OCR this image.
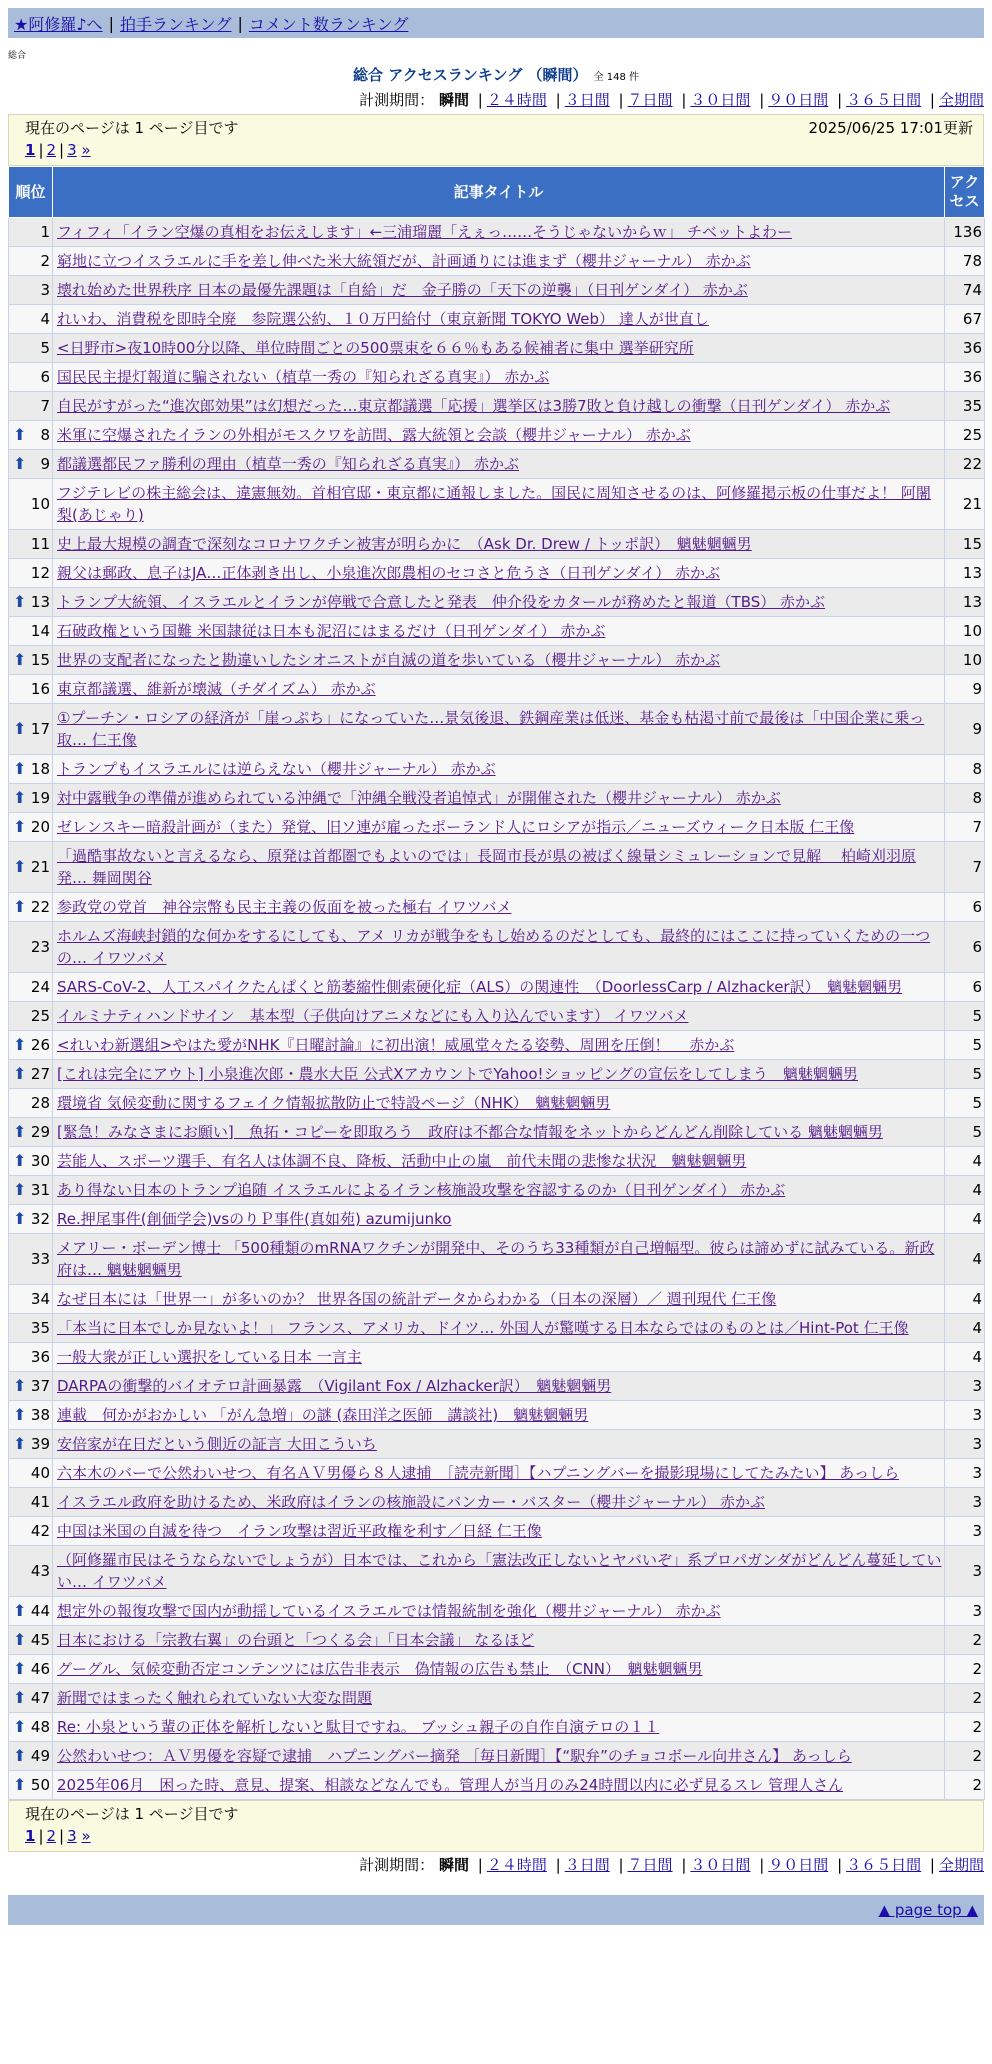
★阿修羅♪へ | 拍手ランキング | コメント数ランキング
総合
総合 アクセスランキング （瞬間） 全 148 件
計測期間： 瞬間 | ２４時間 | ３日間 | ７日間 | ３０日間 | ９０日間 | ３６５日間 | 全期間
現在のページは 1 ページ目です	2025/06/25 17:01更新
1 | 2 | 3 »
順位	記事タイトル	アクセス
1	フィフィ「イラン空爆の真相をお伝えします」←三浦瑠麗「えぇっ……そうじゃないからｗ」 チベットよわー	136
2	窮地に立つイスラエルに手を差し伸べた米大統領だが、計画通りには進まず（櫻井ジャーナル） 赤かぶ	78
3	壊れ始めた世界秩序 日本の最優先課題は「自給」だ　金子勝の「天下の逆襲」（日刊ゲンダイ） 赤かぶ	74
4	れいわ、消費税を即時全廃　参院選公約、１０万円給付（東京新聞 TOKYO Web） 達人が世直し	67
5	<日野市>夜10時00分以降、単位時間ごとの500票束を６６％もある候補者に集中 選挙研究所	36
6	国民民主提灯報道に騙されない（植草一秀の『知られざる真実』） 赤かぶ	36
7	自民がすがった“進次郎効果”は幻想だった…東京都議選「応援」選挙区は3勝7敗と負け越しの衝撃（日刊ゲンダイ） 赤かぶ	35

⬆ 8	米軍に空爆されたイランの外相がモスクワを訪問、露大統領と会談（櫻井ジャーナル） 赤かぶ	25

⬆ 9	都議選都民ファ勝利の理由（植草一秀の『知られざる真実』） 赤かぶ	22
10	フジテレビの株主総会は、違憲無効。首相官邸・東京都に通報しました。国民に周知させるのは、阿修羅掲示板の仕事だよ！ 阿闍梨(あじゃり)	21
11	史上最大規模の調査で深刻なコロナワクチン被害が明らかに　（Ask Dr. Drew / トッポ訳）　魑魅魍魎男	15
12	親父は郵政、息子はJA…正体剥き出し、小泉進次郎農相のセコさと危うさ（日刊ゲンダイ） 赤かぶ	13

⬆ 13	トランプ大統領、イスラエルとイランが停戦で合意したと発表　仲介役をカタールが務めたと報道（TBS） 赤かぶ	13
14	石破政権という国難 米国隷従は日本も泥沼にはまるだけ（日刊ゲンダイ） 赤かぶ	10

⬆ 15	世界の支配者になったと勘違いしたシオニストが自滅の道を歩いている（櫻井ジャーナル） 赤かぶ	10
16	東京都議選、維新が壊滅（チダイズム） 赤かぶ	9

⬆ 17	①プーチン・ロシアの経済が「崖っぷち」になっていた…景気後退、鉄鋼産業は低迷、基金も枯渇寸前で最後は「中国企業に乗っ取… 仁王像	9

⬆ 18	トランプもイスラエルには逆らえない（櫻井ジャーナル） 赤かぶ	8

⬆ 19	対中露戦争の準備が進められている沖縄で「沖縄全戦没者追悼式」が開催された（櫻井ジャーナル） 赤かぶ	8

⬆ 20	ゼレンスキー暗殺計画が（また）発覚、旧ソ連が雇ったポーランド人にロシアが指示／ニューズウィーク日本版 仁王像	7

⬆ 21	「過酷事故ないと言えるなら、原発は首都圏でもよいのでは」長岡市長が県の被ばく線量シミュレーションで見解　 柏崎刈羽原発… 舞岡関谷	7

⬆ 22	参政党の党首　神谷宗幣も民主主義の仮面を被った極右 イワツバメ	6
23	ホルムズ海峡封鎖的な何かをするにしても、アメ リカが戦争をもし始めるのだとしても、最終的にはここに持っていくための一つの… イワツバメ	6
24	SARS-CoV-2、人工スパイクたんぱくと筋萎縮性側索硬化症（ALS）の関連性　（DoorlessCarp / Alzhacker訳）　魑魅魍魎男	6
25	イルミナティハンドサイン　基本型（子供向けアニメなどにも入り込んでいます） イワツバメ	5

⬆ 26	<れいわ新選組>やはた愛がNHK『日曜討論』に初出演！威風堂々たる姿勢、周囲を圧倒！　 赤かぶ	5

⬆ 27	[これは完全にアウト] 小泉進次郎・農水大臣 公式XアカウントでYahoo!ショッピングの宣伝をしてしまう　魑魅魍魎男	5
28	環境省 気候変動に関するフェイク情報拡散防止で特設ページ（NHK）　魑魅魍魎男	5

⬆ 29	[緊急！みなさまにお願い]　魚拓・コピーを即取ろう　政府は不都合な情報をネットからどんどん削除している 魑魅魍魎男	5

⬆ 30	芸能人、スポーツ選手、有名人は体調不良、降板、活動中止の嵐　前代未聞の悲惨な状況　魑魅魍魎男	4

⬆ 31	あり得ない日本のトランプ追随 イスラエルによるイラン核施設攻撃を容認するのか（日刊ゲンダイ） 赤かぶ	4

⬆ 32	Re.押尾事件(創価学会)vsのりＰ事件(真如苑) azumijunko	4
33	メアリー・ボーデン博士 「500種類のmRNAワクチンが開発中、そのうち33種類が自己増幅型。彼らは諦めずに試みている。新政府は… 魑魅魍魎男	4
34	なぜ日本には「世界一」が多いのか？ 世界各国の統計データからわかる（日本の深層）／ 週刊現代 仁王像	4
35	「本当に日本でしか見ないよ！」 フランス、アメリカ、ドイツ… 外国人が驚嘆する日本ならではのものとは／Hint-Pot 仁王像	4
36	一般大衆が正しい選択をしている日本 一言主	4

⬆ 37	DARPAの衝撃的バイオテロ計画暴露　（Vigilant Fox / Alzhacker訳）　魑魅魍魎男	3

⬆ 38	連載　何かがおかしい 「がん急増」の謎 (森田洋之医師　講談社)　魑魅魍魎男	3

⬆ 39	安倍家が在日だという側近の証言 大田こういち	3
40	六本木のバーで公然わいせつ、有名ＡＶ男優ら８人逮捕　［読売新聞］【ハプニングバーを撮影現場にしてたみたい】 あっしら	3
41	イスラエル政府を助けるため、米政府はイランの核施設にバンカー・バスター（櫻井ジャーナル） 赤かぶ	3
42	中国は米国の自滅を待つ　イラン攻撃は習近平政権を利す／日経 仁王像	3
43	（阿修羅市民はそうならないでしょうが）日本では、これから「憲法改正しないとヤバいぞ」系プロパガンダがどんどん蔓延していい… イワツバメ	3

⬆ 44	想定外の報復攻撃で国内が動揺しているイスラエルでは情報統制を強化（櫻井ジャーナル） 赤かぶ	3

⬆ 45	日本における「宗教右翼」の台頭と「つくる会」「日本会議」 なるほど	2

⬆ 46	グーグル、気候変動否定コンテンツには広告非表示　偽情報の広告も禁止　（CNN）　魑魅魍魎男	2

⬆ 47	新聞ではまったく触れられていない大変な問題	2

⬆ 48	Re: 小泉という輩の正体を解析しないと駄目ですね。 ブッシュ親子の自作自演テロの１１	2

⬆ 49	公然わいせつ：ＡＶ男優を容疑で逮捕　ハプニングバー摘発 ［毎日新聞］【“駅弁”のチョコボール向井さん】 あっしら	2

⬆ 50	2025年06月　困った時、意見、提案、相談などなんでも。管理人が当月のみ24時間以内に必ず見るスレ 管理人さん	2
現在のページは 1 ページ目です
1 | 2 | 3 »
計測期間： 瞬間 | ２４時間 | ３日間 | ７日間 | ３０日間 | ９０日間 | ３６５日間 | 全期間
▲ page top ▲
